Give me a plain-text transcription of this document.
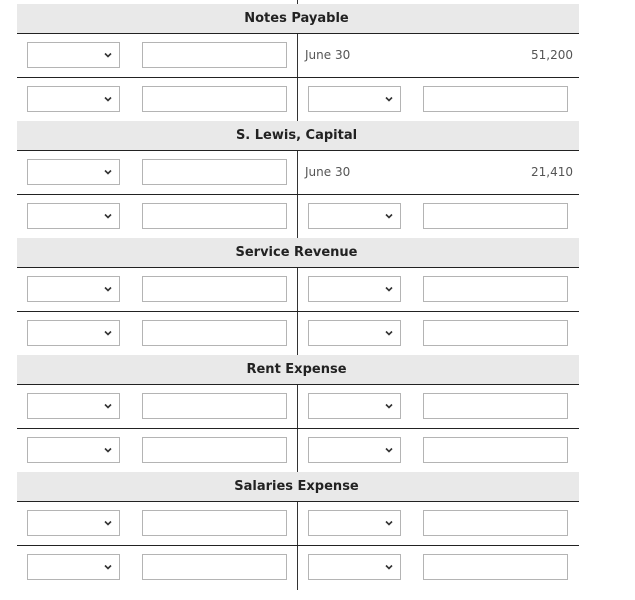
Notes Payable
June 30	51,200
S. Lewis, Capital
June 30	21,410
Service Revenue
Rent Expense
Salaries Expense
